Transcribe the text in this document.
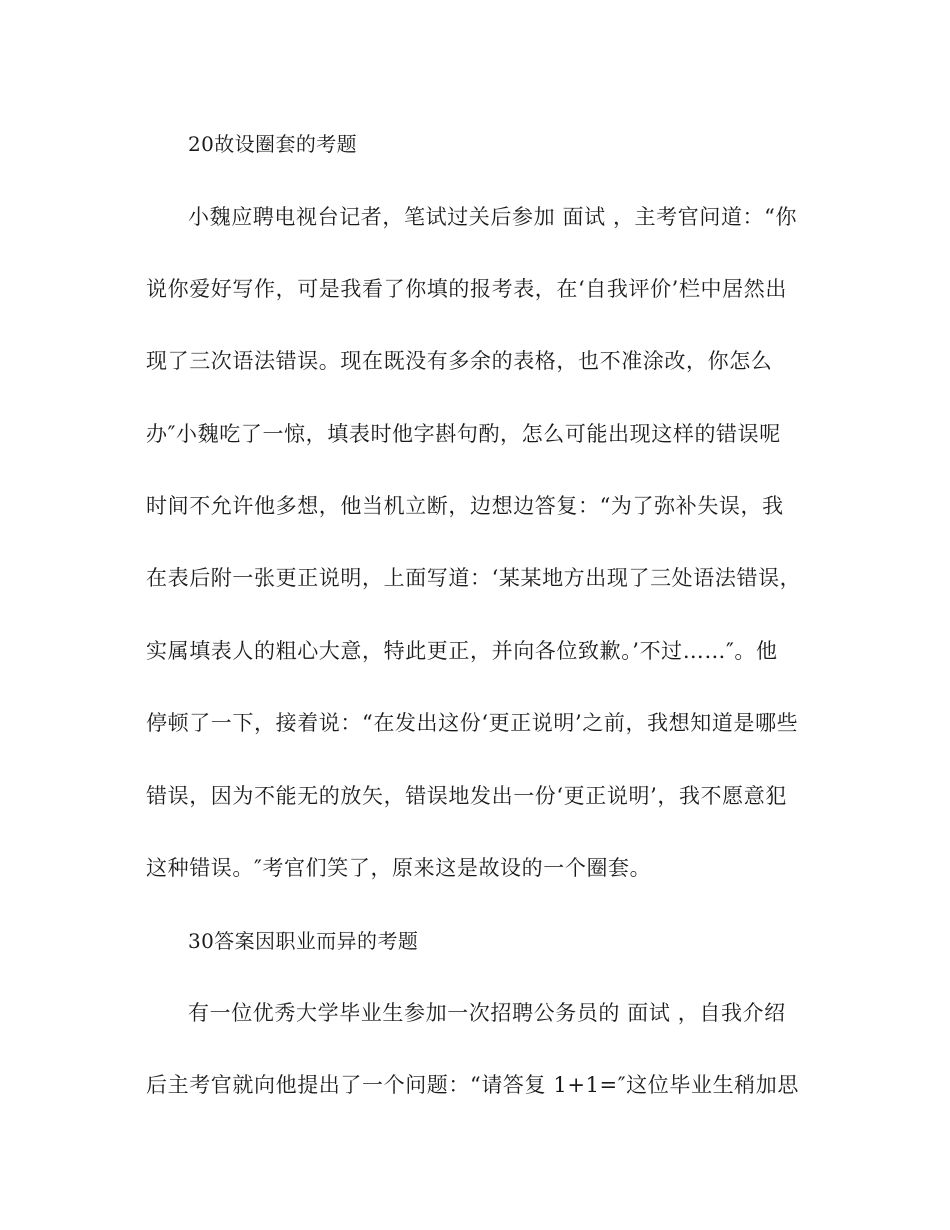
20故设圈套的考题
小魏应聘电视台记者，笔试过关后参加 面试 ，主考官问道：“你
说你爱好写作，可是我看了你填的报考表，在‘自我评价’栏中居然出
现了三次语法错误。现在既没有多余的表格，也不准涂改，你怎么
办″小魏吃了一惊，填表时他字斟句酌，怎么可能出现这样的错误呢
时间不允许他多想，他当机立断，边想边答复：“为了弥补失误，我
在表后附一张更正说明，上面写道：‘某某地方出现了三处语法错误，
实属填表人的粗心大意，特此更正，并向各位致歉。’不过……″。他
停顿了一下，接着说：“在发出这份‘更正说明’之前，我想知道是哪些
错误，因为不能无的放矢，错误地发出一份‘更正说明’，我不愿意犯
这种错误。″考官们笑了，原来这是故设的一个圈套。
30答案因职业而异的考题
有一位优秀大学毕业生参加一次招聘公务员的 面试 ，自我介绍
后主考官就向他提出了一个问题：“请答复 1+1=″这位毕业生稍加思
